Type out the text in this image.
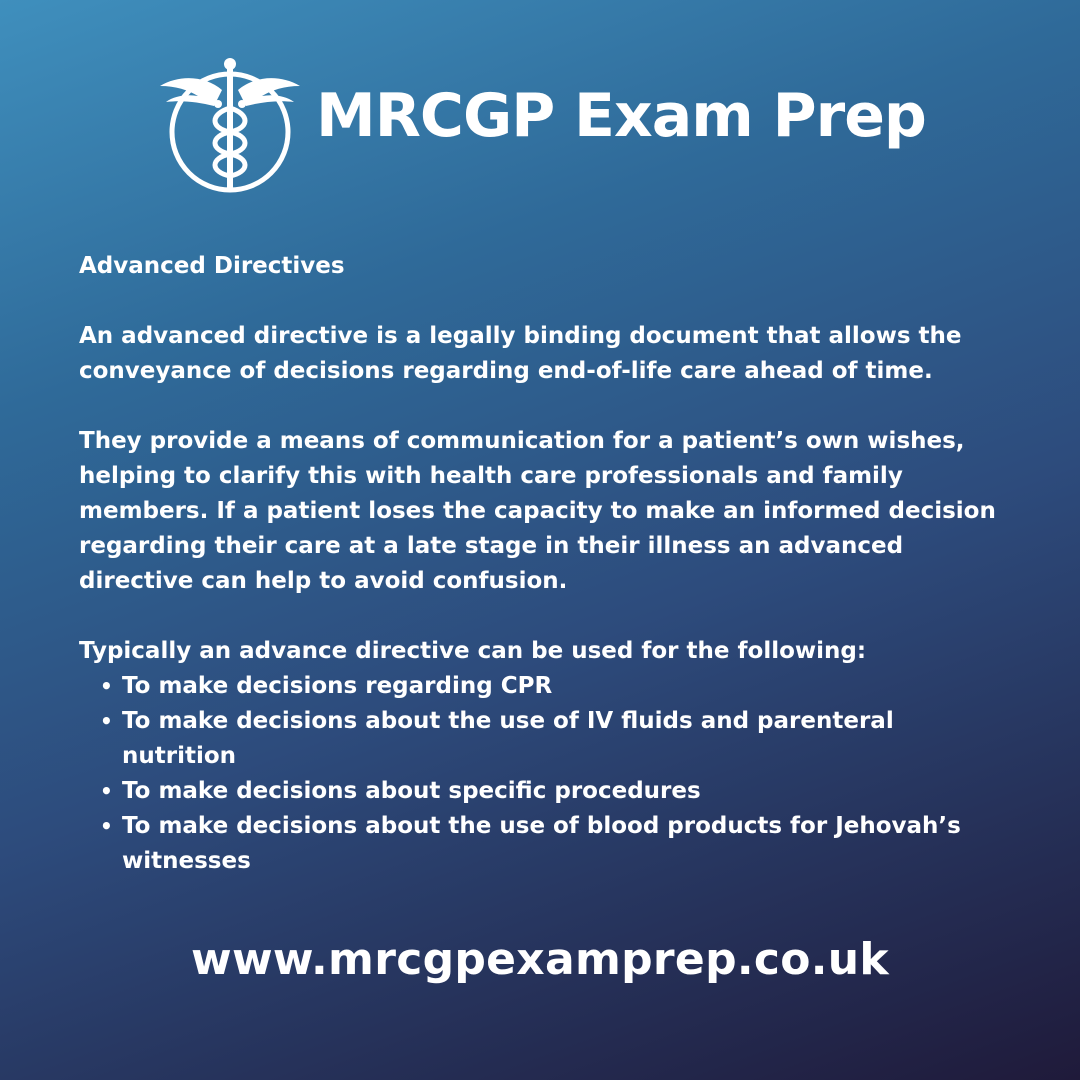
MRCGP Exam Prep

Advanced Directives

An advanced directive is a legally binding document that allows the conveyance of decisions regarding end-of-life care ahead of time.

They provide a means of communication for a patient’s own wishes, helping to clarify this with health care professionals and family members. If a patient loses the capacity to make an informed decision regarding their care at a late stage in their illness an advanced directive can help to avoid confusion.

Typically an advance directive can be used for the following:

• To make decisions regarding CPR
• To make decisions about the use of IV fluids and parenteral nutrition
• To make decisions about specific procedures
• To make decisions about the use of blood products for Jehovah’s witnesses
www.mrcgpexamprep.co.uk
